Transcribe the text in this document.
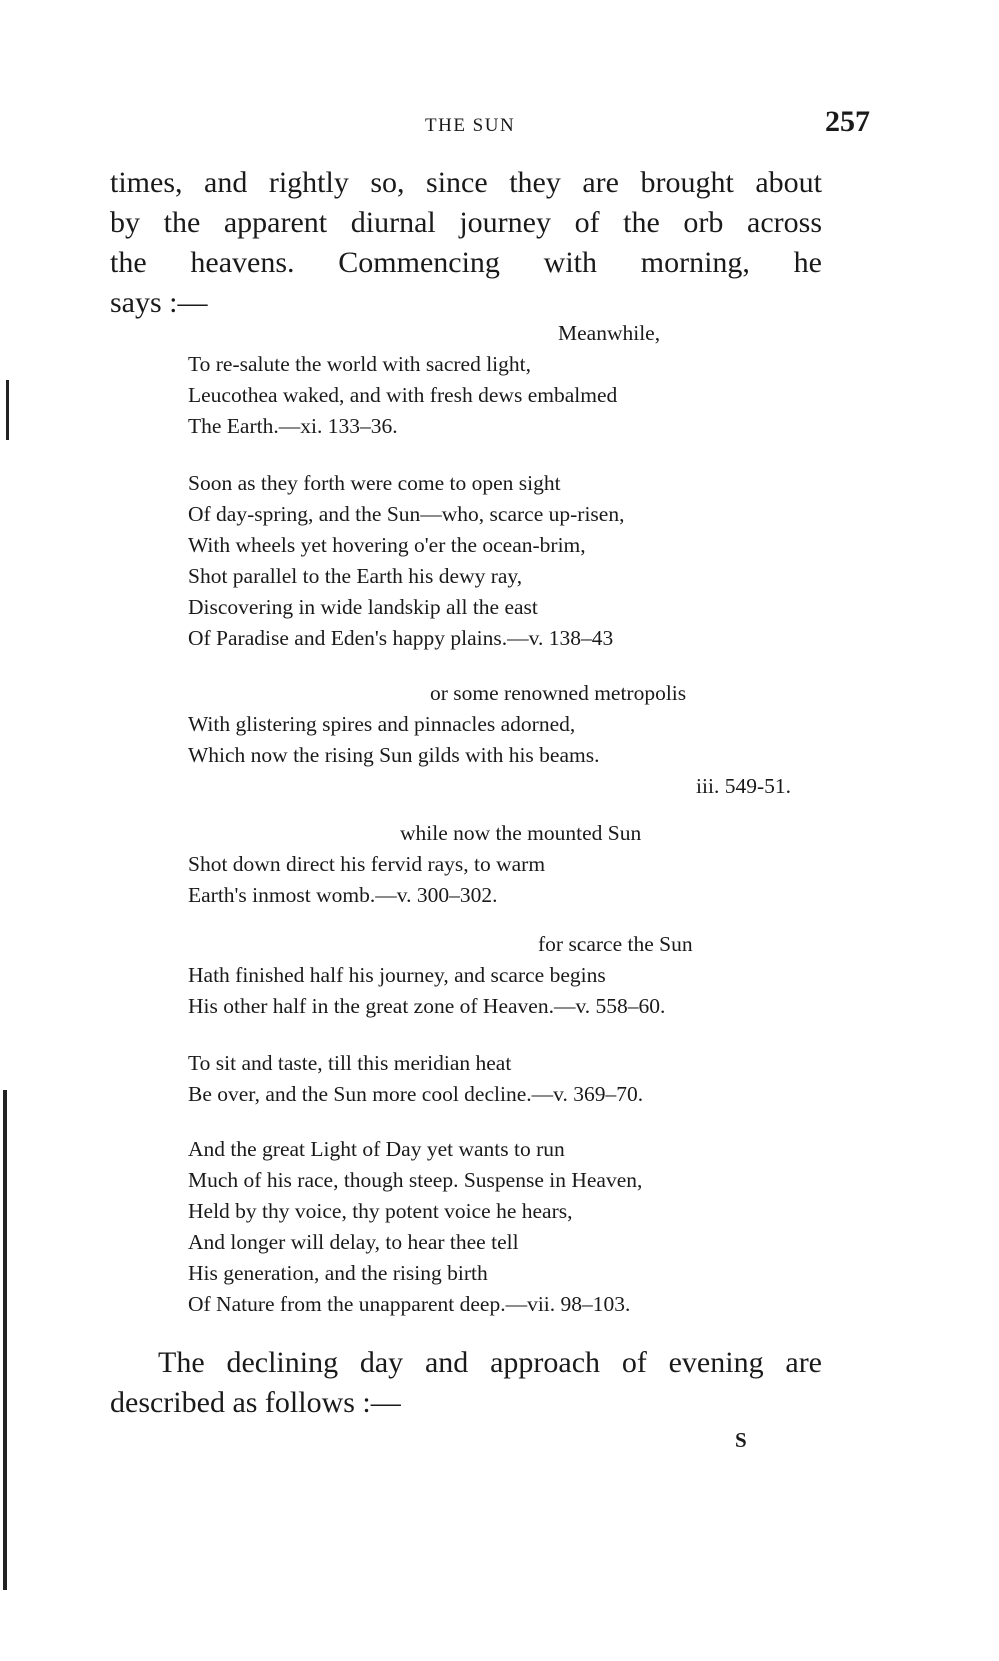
THE SUN	257
times, and rightly so, since they are brought about
by the apparent diurnal journey of the orb across
the heavens. Commencing with morning, he
says :—
Meanwhile,
To re-salute the world with sacred light,
Leucothea waked, and with fresh dews embalmed
The Earth.—xi. 133–36.
Soon as they forth were come to open sight
Of day-spring, and the Sun—who, scarce up-risen,
With wheels yet hovering o'er the ocean-brim,
Shot parallel to the Earth his dewy ray,
Discovering in wide landskip all the east
Of Paradise and Eden's happy plains.—v. 138–43
or some renowned metropolis
With glistering spires and pinnacles adorned,
Which now the rising Sun gilds with his beams.
iii. 549-51.
while now the mounted Sun
Shot down direct his fervid rays, to warm
Earth's inmost womb.—v. 300–302.
for scarce the Sun
Hath finished half his journey, and scarce begins
His other half in the great zone of Heaven.—v. 558–60.
To sit and taste, till this meridian heat
Be over, and the Sun more cool decline.—v. 369–70.
And the great Light of Day yet wants to run
Much of his race, though steep. Suspense in Heaven,
Held by thy voice, thy potent voice he hears,
And longer will delay, to hear thee tell
His generation, and the rising birth
Of Nature from the unapparent deep.—vii. 98–103.
The declining day and approach of evening are
described as follows :—
S
